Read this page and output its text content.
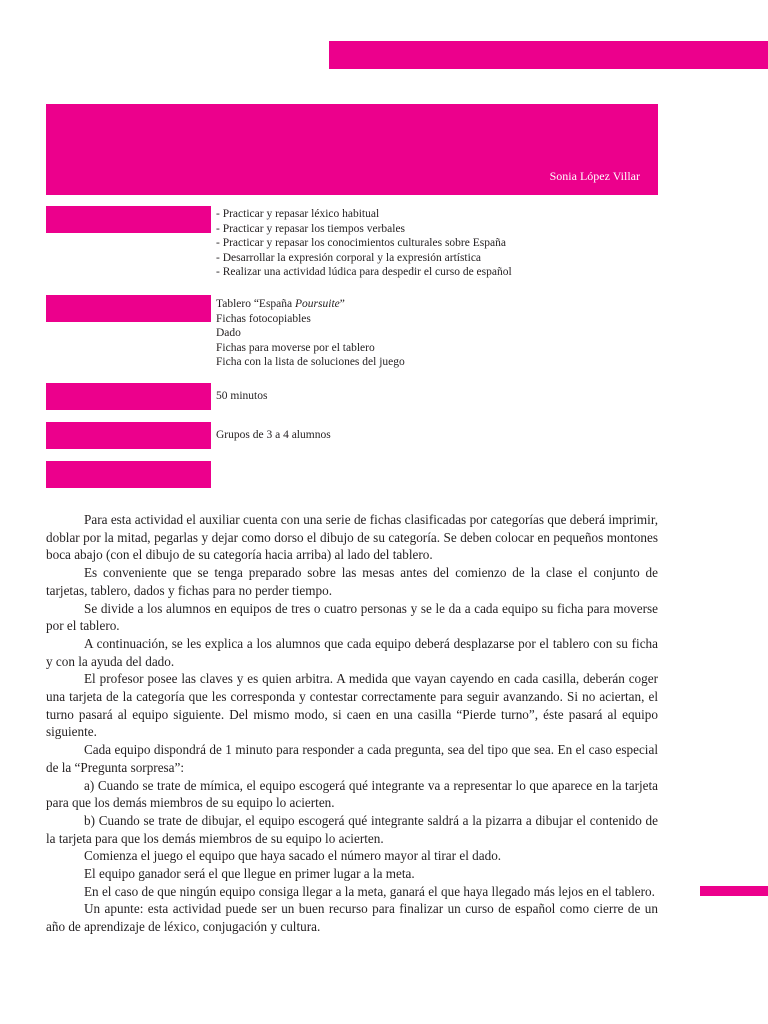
Sonia López Villar
- Practicar y repasar léxico habitual
- Practicar y repasar los tiempos verbales
- Practicar y repasar los conocimientos culturales sobre España
- Desarrollar la expresión corporal y la expresión artística
- Realizar una actividad lúdica para despedir el curso de español
Tablero “España Poursuite”
Fichas fotocopiables
Dado
Fichas para moverse por el tablero
Ficha con la lista de soluciones del juego
50 minutos
Grupos de 3 a 4 alumnos

Para esta actividad el auxiliar cuenta con una serie de fichas clasificadas por categorías que deberá imprimir, doblar por la mitad, pegarlas y dejar como dorso el dibujo de su categoría. Se deben colocar en pequeños montones boca abajo (con el dibujo de su categoría hacia arriba) al lado del tablero.

Es conveniente que se tenga preparado sobre las mesas antes del comienzo de la clase el conjunto de tarjetas, tablero, dados y fichas para no perder tiempo.

Se divide a los alumnos en equipos de tres o cuatro personas y se le da a cada equipo su ficha para moverse por el tablero.

A continuación, se les explica a los alumnos que cada equipo deberá desplazarse por el tablero con su ficha y con la ayuda del dado.

El profesor posee las claves y es quien arbitra. A medida que vayan cayendo en cada casilla, deberán coger una tarjeta de la categoría que les corresponda y contestar correctamente para seguir avanzando. Si no aciertan, el turno pasará al equipo siguiente. Del mismo modo, si caen en una casilla “Pierde turno”, éste pasará al equipo siguiente.

Cada equipo dispondrá de 1 minuto para responder a cada pregunta, sea del tipo que sea. En el caso especial de la “Pregunta sorpresa”:

a) Cuando se trate de mímica, el equipo escogerá qué integrante va a representar lo que aparece en la tarjeta para que los demás miembros de su equipo lo acierten.

b) Cuando se trate de dibujar, el equipo escogerá qué integrante saldrá a la pizarra a dibujar el contenido de la tarjeta para que los demás miembros de su equipo lo acierten.

Comienza el juego el equipo que haya sacado el número mayor al tirar el dado.

El equipo ganador será el que llegue en primer lugar a la meta.

En el caso de que ningún equipo consiga llegar a la meta, ganará el que haya llegado más lejos en el tablero.

Un apunte: esta actividad puede ser un buen recurso para finalizar un curso de español como cierre de un año de aprendizaje de léxico, conjugación y cultura.
